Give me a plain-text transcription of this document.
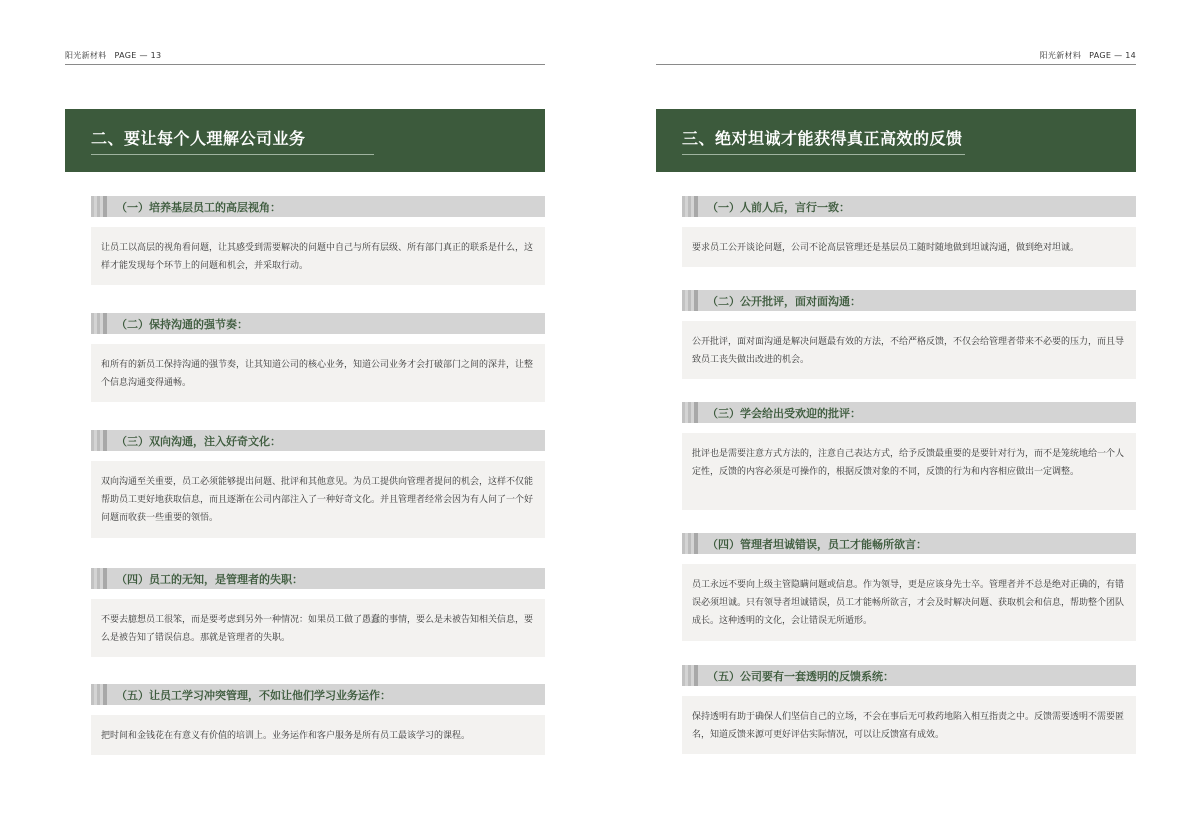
阳光新材料 PAGE — 13
二、要让每个人理解公司业务
（一）培养基层员工的高层视角：
让员工以高层的视角看问题，让其感受到需要解决的问题中自己与所有层级、所有部门真正的联系是什么，这样才能发现每个环节上的问题和机会，并采取行动。
（二）保持沟通的强节奏：
和所有的新员工保持沟通的强节奏，让其知道公司的核心业务，知道公司业务才会打破部门之间的深井，让整个信息沟通变得通畅。
（三）双向沟通，注入好奇文化：
双向沟通至关重要，员工必须能够提出问题、批评和其他意见。为员工提供向管理者提问的机会，这样不仅能帮助员工更好地获取信息，而且逐渐在公司内部注入了一种好奇文化。并且管理者经常会因为有人问了一个好问题而收获一些重要的领悟。
（四）员工的无知，是管理者的失职：
不要去臆想员工很笨，而是要考虑到另外一种情况：如果员工做了愚蠢的事情，要么是未被告知相关信息，要么是被告知了错误信息。那就是管理者的失职。
（五）让员工学习冲突管理，不如让他们学习业务运作：
把时间和金钱花在有意义有价值的培训上。业务运作和客户服务是所有员工最该学习的课程。
阳光新材料 PAGE — 14
三、绝对坦诚才能获得真正高效的反馈
（一）人前人后，言行一致：
要求员工公开谈论问题，公司不论高层管理还是基层员工随时随地做到坦诚沟通，做到绝对坦诚。
（二）公开批评，面对面沟通：
公开批评，面对面沟通是解决问题最有效的方法，不给严格反馈，不仅会给管理者带来不必要的压力，而且导致员工丧失做出改进的机会。
（三）学会给出受欢迎的批评：
批评也是需要注意方式方法的，注意自己表达方式，给予反馈最重要的是要针对行为，而不是笼统地给一个人定性，反馈的内容必须是可操作的，根据反馈对象的不同，反馈的行为和内容相应做出一定调整。
（四）管理者坦诚错误，员工才能畅所欲言：
员工永远不要向上级主管隐瞒问题或信息。作为领导，更是应该身先士卒。管理者并不总是绝对正确的，有错误必须坦诚。只有领导者坦诚错误，员工才能畅所欲言，才会及时解决问题、获取机会和信息，帮助整个团队成长。这种透明的文化，会让错误无所遁形。
（五）公司要有一套透明的反馈系统：
保持透明有助于确保人们坚信自己的立场，不会在事后无可救药地陷入相互指责之中。反馈需要透明不需要匿名，知道反馈来源可更好评估实际情况，可以让反馈富有成效。
